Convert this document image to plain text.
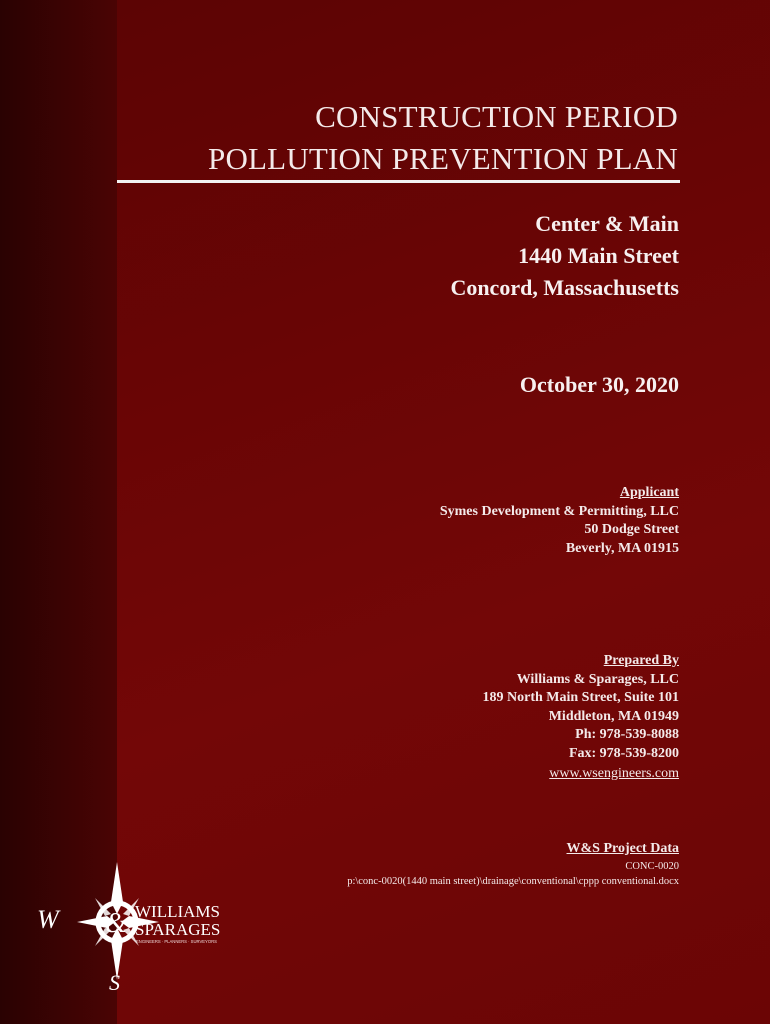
CONSTRUCTION PERIOD
POLLUTION PREVENTION PLAN
Center & Main
1440 Main Street
Concord, Massachusetts
October 30, 2020
Applicant
Symes Development & Permitting, LLC
50 Dodge Street
Beverly, MA 01915
Prepared By
Williams & Sparages, LLC
189 North Main Street, Suite 101
Middleton, MA 01949
Ph: 978-539-8088
Fax: 978-539-8200
www.wsengineers.com
W&S Project Data
CONC-0020
p:\conc-0020(1440 main street)\drainage\conventional\cppp conventional.docx
&
W
S
WILLIAMS
SPARAGES
ENGINEERS · PLANNERS · SURVEYORS
